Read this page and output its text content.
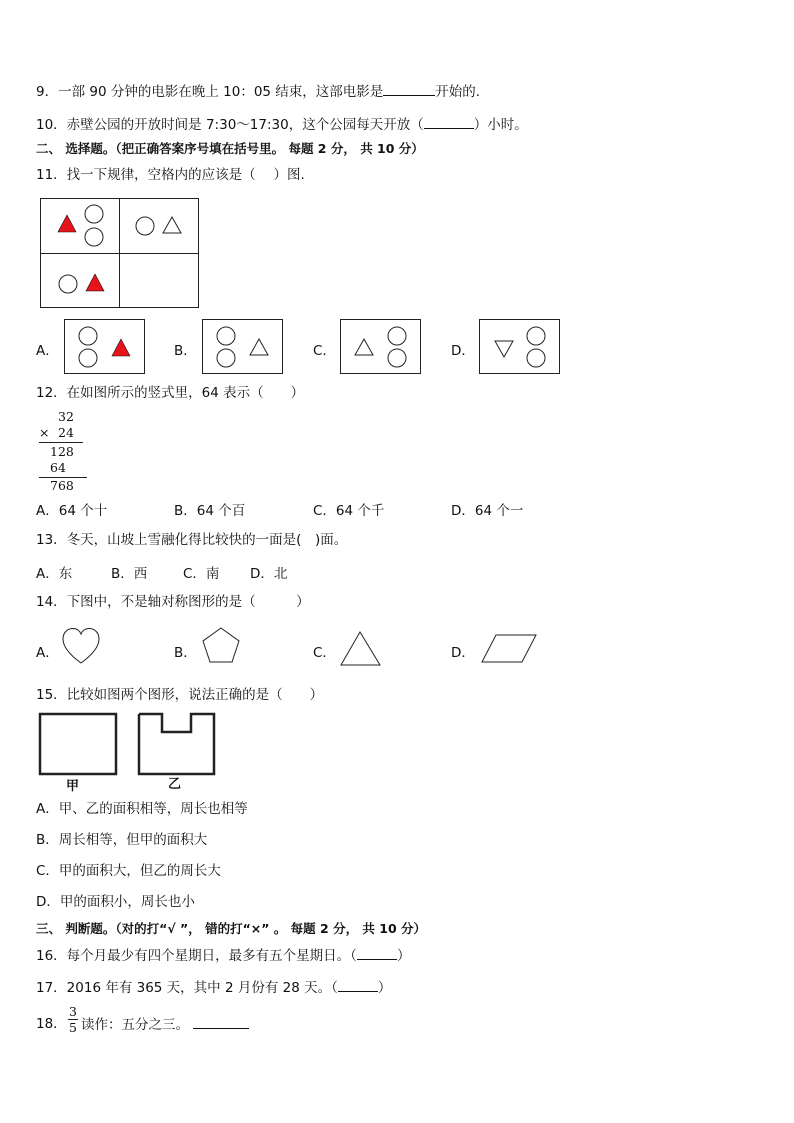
9．一部 90 分钟的电影在晚上 10：05 结束，这部电影是	开始的.
10．赤壁公园的开放时间是 7:30～17:30，这个公园每天开放（	）小时。
二、 选择题。（把正确答案序号填在括号里。 每题 2 分， 共 10 分）
11．找一下规律，空格内的应该是（　 ）图.
A．	B．	C．	D．
12．在如图所示的竖式里，64 表示（　　）
32
× 24
128
64
768
A．64 个十	B．64 个百	C．64 个千	D．64 个一
13．冬天，山坡上雪融化得比较快的一面是(　)面。
A．东	B．西	C．南 D．北
14．下图中，不是轴对称图形的是（　　　）
A．	B．	C．	D．
15．比较如图两个图形，说法正确的是（　　）
甲	乙
A．甲、乙的面积相等，周长也相等
B．周长相等，但甲的面积大
C．甲的面积大，但乙的周长大
D．甲的面积小，周长也小
三、 判断题。（对的打“√ ”， 错的打“×” 。 每题 2 分， 共 10 分）
16．每个月最少有四个星期日，最多有五个星期日。（	）
17．2016 年有 365 天，其中 2 月份有 28 天。（	）
18．
3
5 读作：五分之三。
